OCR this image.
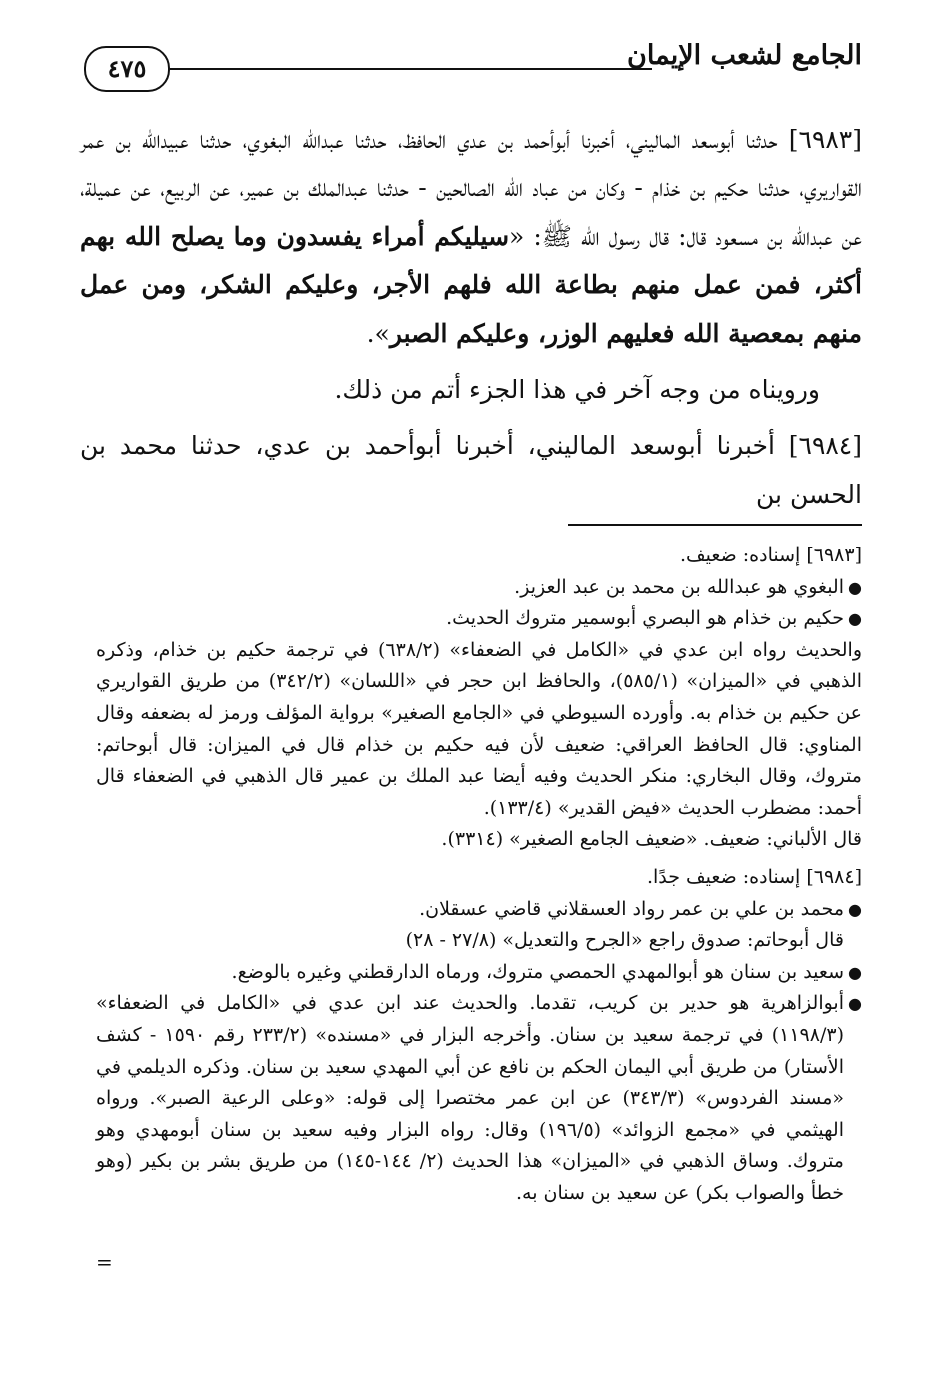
الجامع لشعب الإيمان
٤٧٥

[٦٩٨٣] حدثنا أبوسعد الماليني، أخبرنا أبوأحمد بن عدي الحافظ، حدثنا عبدالله البغوي، حدثنا عبيدالله بن عمر القواريري، حدثنا حكيم بن خذام - وكان من عباد الله الصالحين - حدثنا عبدالملك بن عمير، عن الربيع، عن عميلة، عن عبدالله بن مسعود قال: قال رسول الله ﷺ: «سيليكم أمراء يفسدون وما يصلح الله بهم أكثر، فمن عمل منهم بطاعة الله فلهم الأجر، وعليكم الشكر، ومن عمل منهم بمعصية الله فعليهم الوزر، وعليكم الصبر».

ورويناه من وجه آخر في هذا الجزء أتم من ذلك.

[٦٩٨٤] أخبرنا أبوسعد الماليني، أخبرنا أبوأحمد بن عدي، حدثنا محمد بن الحسن بن

[٦٩٨٣] إسناده: ضعيف.

●
البغوي هو عبدالله بن محمد بن عبد العزيز.

●
حكيم بن خذام هو البصري أبوسمير متروك الحديث.

والحديث رواه ابن عدي في «الكامل في الضعفاء» (٦٣٨/٢) في ترجمة حكيم بن خذام، وذكره الذهبي في «الميزان» (٥٨٥/١)، والحافظ ابن حجر في «اللسان» (٣٤٢/٢) من طريق القواريري عن حكيم بن خذام به. وأورده السيوطي في «الجامع الصغير» برواية المؤلف ورمز له بضعفه وقال المناوي: قال الحافظ العراقي: ضعيف لأن فيه حكيم بن خذام قال في الميزان: قال أبوحاتم: متروك، وقال البخاري: منكر الحديث وفيه أيضا عبد الملك بن عمير قال الذهبي في الضعفاء قال أحمد: مضطرب الحديث «فيض القدير» (١٣٣/٤).

قال الألباني: ضعيف. «ضعيف الجامع الصغير» (٣٣١٤).

[٦٩٨٤] إسناده: ضعيف جدًا.

●
محمد بن علي بن عمر رواد العسقلاني قاضي عسقلان.

قال أبوحاتم: صدوق راجع «الجرح والتعديل» (٢٧/٨ - ٢٨)

●
سعيد بن سنان هو أبوالمهدي الحمصي متروك، ورماه الدارقطني وغيره بالوضع.

●
أبوالزاهرية هو حدير بن كريب، تقدما. والحديث عند ابن عدي في «الكامل في الضعفاء» (١١٩٨/٣) في ترجمة سعيد بن سنان. وأخرجه البزار في «مسنده» (٢٣٣/٢ رقم ١٥٩٠ - كشف الأستار) من طريق أبي اليمان الحكم بن نافع عن أبي المهدي سعيد بن سنان. وذكره الديلمي في «مسند الفردوس» (٣٤٣/٣) عن ابن عمر مختصرا إلى قوله: «وعلى الرعية الصبر». ورواه الهيثمي في «مجمع الزوائد» (١٩٦/٥) وقال: رواه البزار وفيه سعيد بن سنان أبومهدي وهو متروك. وساق الذهبي في «الميزان» هذا الحديث (٢/ ١٤٤-١٤٥) من طريق بشر بن بكير (وهو خطأ والصواب بكر) عن سعيد بن سنان به.

=
